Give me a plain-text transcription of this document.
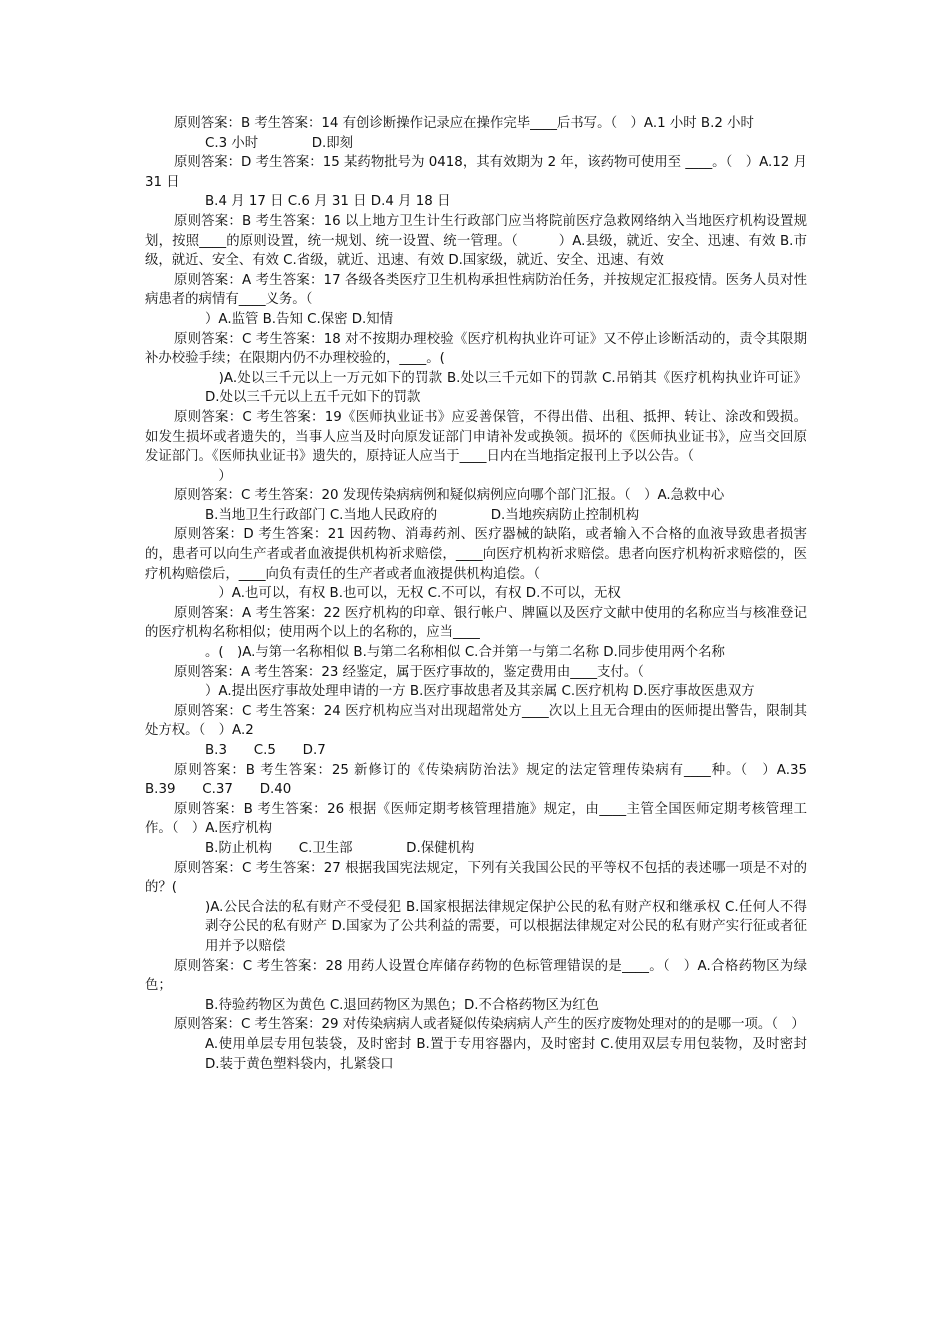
原则答案：B 考生答案：14 有创诊断操作记录应在操作完毕____后书写。（　）A.1 小时 B.2 小时

C.3 小时　　　　D.即刻

原则答案：D 考生答案：15 某药物批号为 0418，其有效期为 2 年，该药物可使用至 ____。（　）A.12 月 31 日

B.4 月 17 日 C.6 月 31 日 D.4 月 18 日

原则答案：B 考生答案：16 以上地方卫生计生行政部门应当将院前医疗急救网络纳入当地医疗机构设置规划，按照____的原则设置，统一规划、统一设置、统一管理。（　　　）A.县级，就近、安全、迅速、有效 B.市级，就近、安全、有效 C.省级，就近、迅速、有效 D.国家级，就近、安全、迅速、有效

原则答案：A 考生答案：17 各级各类医疗卫生机构承担性病防治任务，并按规定汇报疫情。医务人员对性病患者的病情有____义务。（

）A.监管 B.告知 C.保密 D.知情

原则答案：C 考生答案：18 对不按期办理校验《医疗机构执业许可证》又不停止诊断活动的，责令其限期补办校验手续；在限期内仍不办理校验的，____。(

　)A.处以三千元以上一万元如下的罚款 B.处以三千元如下的罚款 C.吊销其《医疗机构执业许可证》D.处以三千元以上五千元如下的罚款

原则答案：C 考生答案：19《医师执业证书》应妥善保管，不得出借、出租、抵押、转让、涂改和毁损。如发生损坏或者遗失的，当事人应当及时向原发证部门申请补发或换领。损坏的《医师执业证书》，应当交回原发证部门。《医师执业证书》遗失的，原持证人应当于____日内在当地指定报刊上予以公告。（

　）

原则答案：C 考生答案：20 发现传染病病例和疑似病例应向哪个部门汇报。（　）A.急救中心

B.当地卫生行政部门 C.当地人民政府的　　　　D.当地疾病防止控制机构

原则答案：D 考生答案：21 因药物、消毒药剂、医疗器械的缺陷，或者输入不合格的血液导致患者损害的，患者可以向生产者或者血液提供机构祈求赔偿，____向医疗机构祈求赔偿。患者向医疗机构祈求赔偿的，医疗机构赔偿后，____向负有责任的生产者或者血液提供机构追偿。（

　）A.也可以，有权 B.也可以，无权 C.不可以，有权 D.不可以，无权

原则答案：A 考生答案：22 医疗机构的印章、银行帐户、牌匾以及医疗文献中使用的名称应当与核准登记的医疗机构名称相似；使用两个以上的名称的，应当____

。(　)A.与第一名称相似 B.与第二名称相似 C.合并第一与第二名称 D.同步使用两个名称

原则答案：A 考生答案：23 经鉴定，属于医疗事故的，鉴定费用由____支付。（

）A.提出医疗事故处理申请的一方 B.医疗事故患者及其亲属 C.医疗机构 D.医疗事故医患双方

原则答案：C 考生答案：24 医疗机构应当对出现超常处方____次以上且无合理由的医师提出警告，限制其处方权。（　）A.2

B.3　　C.5　　D.7

原则答案：B 考生答案：25 新修订的《传染病防治法》规定的法定管理传染病有____种。（　）A.35　　B.39　　C.37　　D.40

原则答案：B 考生答案：26 根据《医师定期考核管理措施》规定，由____主管全国医师定期考核管理工作。（　）A.医疗机构

B.防止机构　　C.卫生部　　　　D.保健机构

原则答案：C 考生答案：27 根据我国宪法规定，下列有关我国公民的平等权不包括的表述哪一项是不对的的？(

)A.公民合法的私有财产不受侵犯 B.国家根据法律规定保护公民的私有财产权和继承权 C.任何人不得剥夺公民的私有财产 D.国家为了公共利益的需要，可以根据法律规定对公民的私有财产实行征或者征用并予以赔偿

原则答案：C 考生答案：28 用药人设置仓库储存药物的色标管理错误的是____。（　）A.合格药物区为绿色；

B.待验药物区为黄色 C.退回药物区为黑色；D.不合格药物区为红色

原则答案：C 考生答案：29 对传染病病人或者疑似传染病病人产生的医疗废物处理对的的是哪一项。（　）

A.使用单层专用包装袋，及时密封 B.置于专用容器内，及时密封 C.使用双层专用包装物，及时密封 D.装于黄色塑料袋内，扎紧袋口
